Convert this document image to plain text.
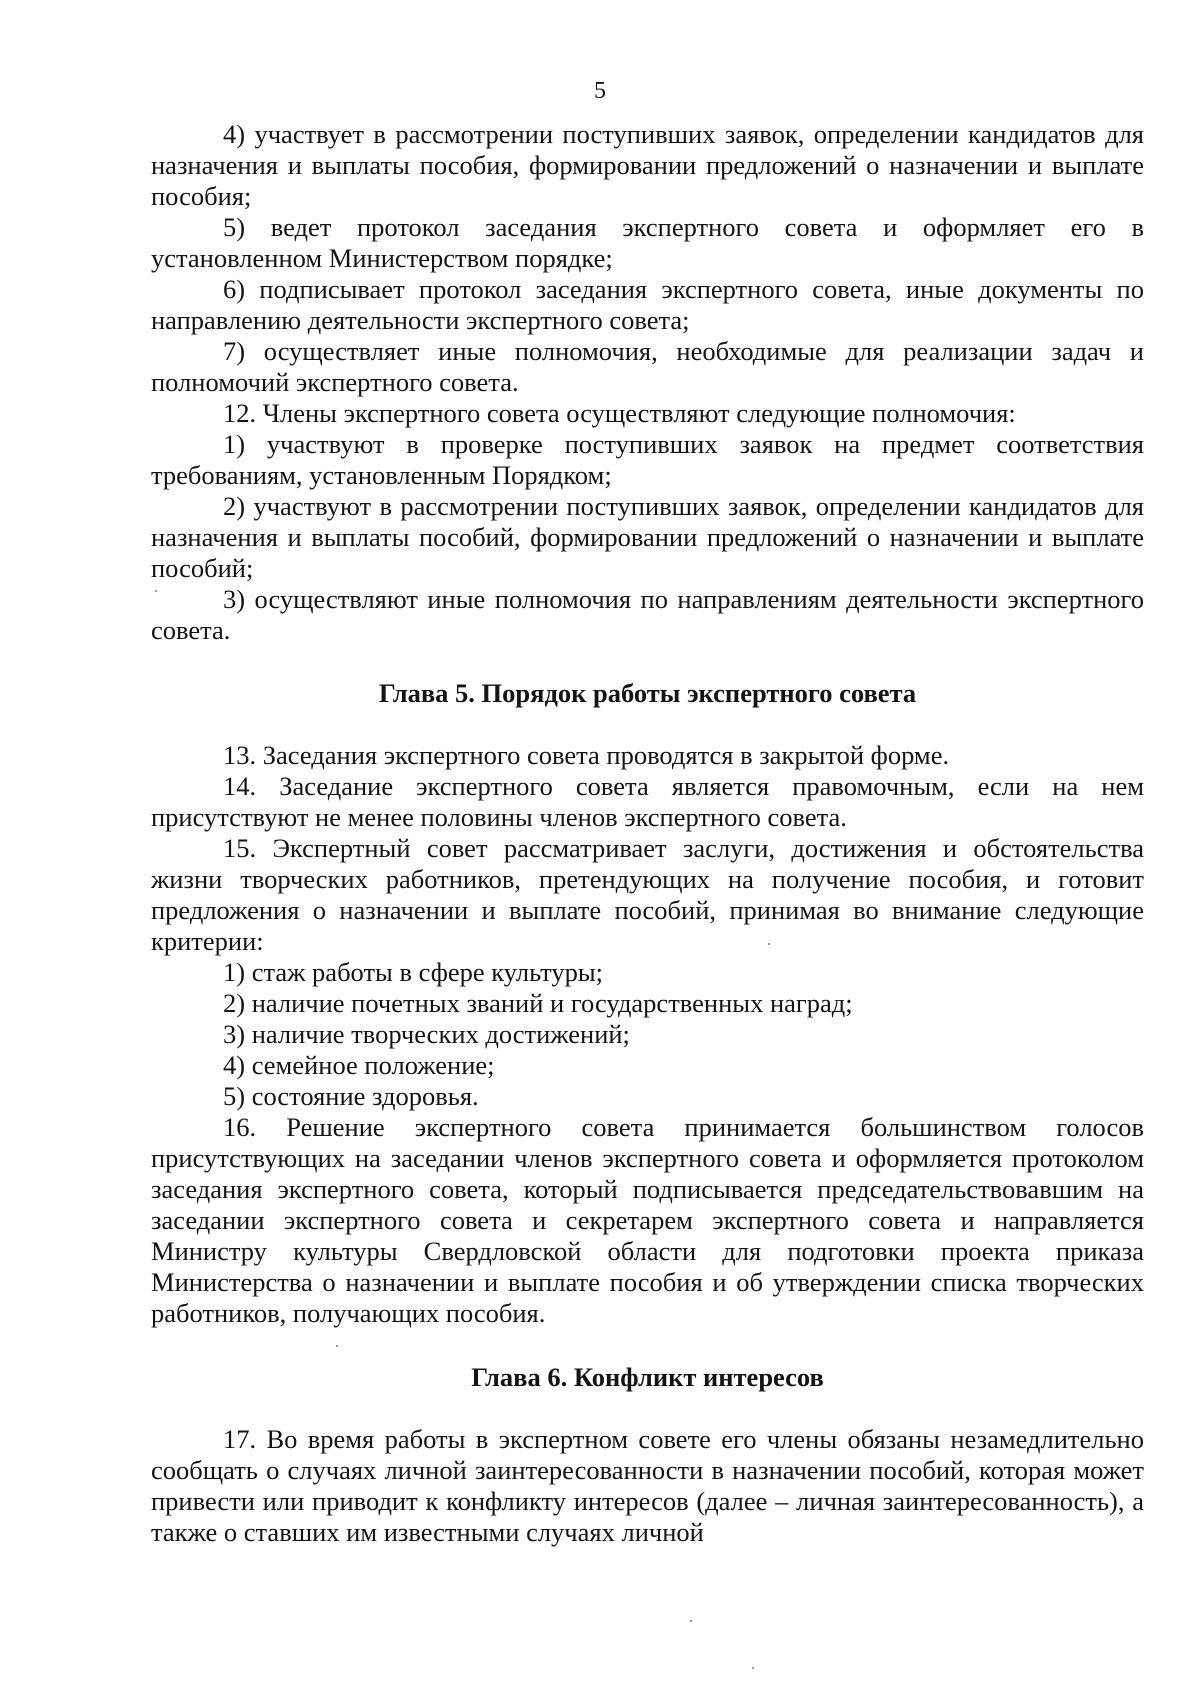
5

4) участвует в рассмотрении поступивших заявок, определении кандидатов для назначения и выплаты пособия, формировании предложений о назначении и выплате пособия;

5) ведет протокол заседания экспертного совета и оформляет его в установленном Министерством порядке;

6) подписывает протокол заседания экспертного совета, иные документы по направлению деятельности экспертного совета;

7) осуществляет иные полномочия, необходимые для реализации задач и полномочий экспертного совета.

12. Члены экспертного совета осуществляют следующие полномочия:

1) участвуют в проверке поступивших заявок на предмет соответствия требованиям, установленным Порядком;

2) участвуют в рассмотрении поступивших заявок, определении кандидатов для назначения и выплаты пособий, формировании предложений о назначении и выплате пособий;

3) осуществляют иные полномочия по направлениям деятельности экспертного совета.

Глава 5. Порядок работы экспертного совета

13. Заседания экспертного совета проводятся в закрытой форме.

14. Заседание экспертного совета является правомочным, если на нем присутствуют не менее половины членов экспертного совета.

15. Экспертный совет рассматривает заслуги, достижения и обстоятельства жизни творческих работников, претендующих на получение пособия, и готовит предложения о назначении и выплате пособий, принимая во внимание следующие критерии:

1) стаж работы в сфере культуры;

2) наличие почетных званий и государственных наград;

3) наличие творческих достижений;

4) семейное положение;

5) состояние здоровья.

16. Решение экспертного совета принимается большинством голосов присутствующих на заседании членов экспертного совета и оформляется протоколом заседания экспертного совета, который подписывается председательствовавшим на заседании экспертного совета и секретарем экспертного совета и направляется Министру культуры Свердловской области для подготовки проекта приказа Министерства о назначении и выплате пособия и об утверждении списка творческих работников, получающих пособия.

Глава 6. Конфликт интересов

17. Во время работы в экспертном совете его члены обязаны незамедлительно сообщать о случаях личной заинтересованности в назначении пособий, которая может привести или приводит к конфликту интересов (далее – личная заинтересованность), а также о ставших им известными случаях личной
